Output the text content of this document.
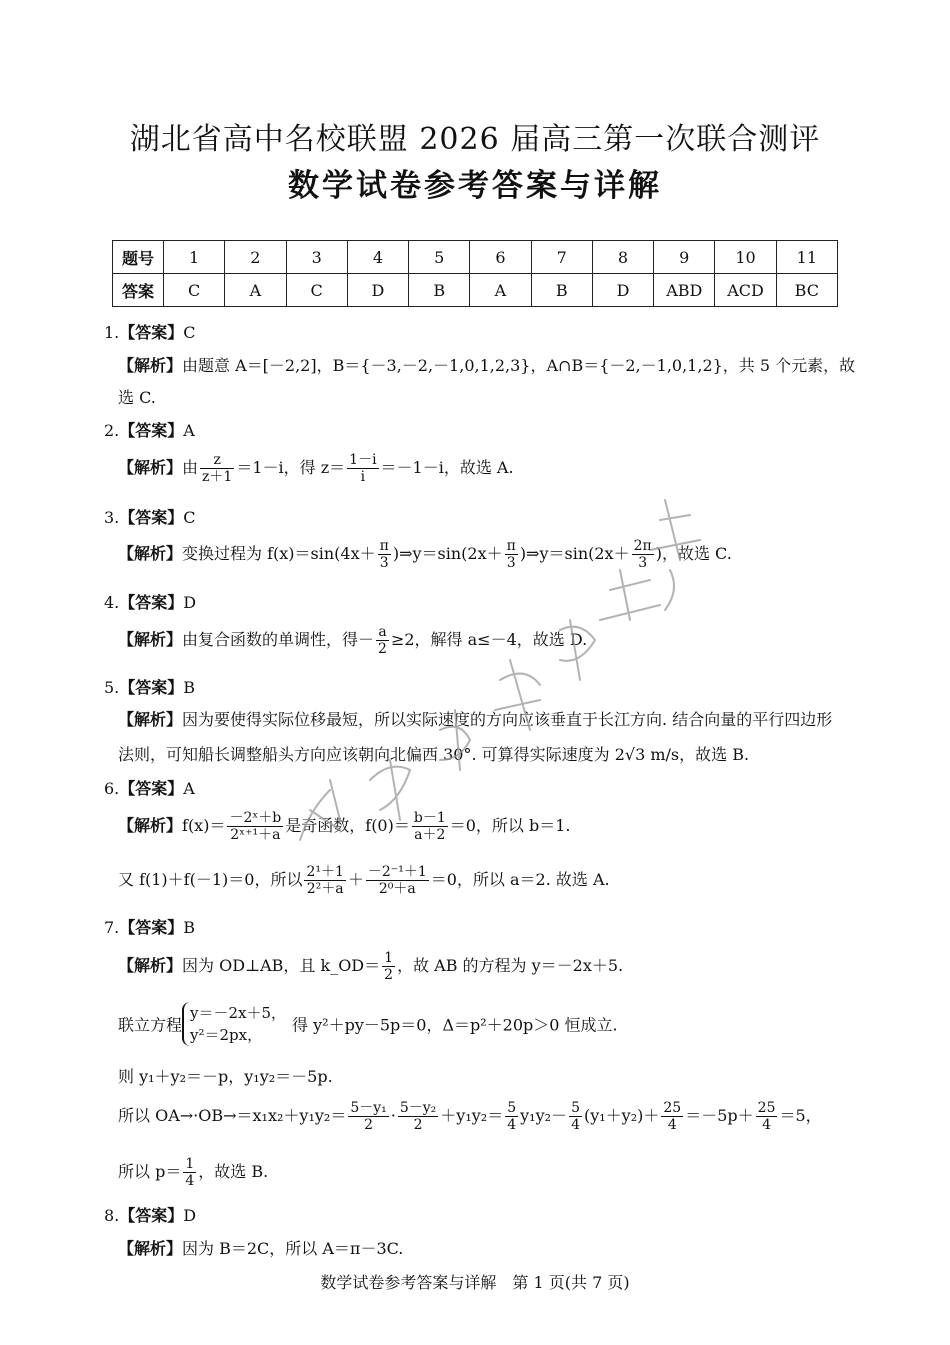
湖北省高中名校联盟 2026 届高三第一次联合测评
数学试卷参考答案与详解
题号	1	2	3	4	5	6	7	8	9	10	11
答案	C	A	C	D	B	A	B	D	ABD	ACD	BC
1.【答案】C
【解析】由题意 A＝[－2,2]，B＝{－3,－2,－1,0,1,2,3}，A∩B＝{－2,－1,0,1,2}，共 5 个元素，故
选 C.
2.【答案】A
【解析】由 $\frac{z}{z+1} =1-i$，得 $z= \frac{1-i}{i} =-1-i$，故选 A.
3.【答案】C
【解析】变换过程为 $f(x)=\sin(4x+ \frac{\pi}{3}$ )⇒y＝sin(2x＋ $\frac{\pi}{3}$ )⇒y＝sin(2x＋ $\frac{2\pi}{3}$ )，故选 C.
4.【答案】D
【解析】由复合函数的单调性，得－ $\frac{a}{2} \ge 2$，解得 a≤－4，故选 D.
5.【答案】B
【解析】因为要使得实际位移最短，所以实际速度的方向应该垂直于长江方向. 结合向量的平行四边形
法则，可知船长调整船头方向应该朝向北偏西 30°. 可算得实际速度为 2√3 m/s，故选 B.
6.【答案】A
【解析】$f(x)= \frac{\text{－2ˣ＋b}}{\text{2ˣ⁺¹＋a}}$ 是奇函数，$f(0)= \frac{b-1}{a+2} =0$，所以 b＝1.
又 f(1)＋f(－1)＝0，所以 $\frac{\text{2¹＋1}}{\text{2²＋a}} + \frac{\text{－2⁻¹＋1}}{\text{2⁰＋a}} =0$，所以 a＝2. 故选 A.
7.【答案】B
【解析】因为 OD⊥AB，且 k_OD＝ $\frac{1}{2}$ ，故 AB 的方程为 y＝－2x＋5.
联立方程
y＝－2x＋5，
y²＝2px，
得 y²＋py－5p＝0，Δ＝p²＋20p＞0 恒成立.
则 y₁＋y₂＝－p，y₁y₂＝－5p.
所以 $OA\to\cdot OB\to=x_1x_2+y_1y_2= \frac{\text{5－y₁}}{2} \cdot \frac{\text{5－y₂}}{2} +y_1y_2= \frac{5}{4} y_1y_2- \frac{5}{4} (y_1+y_2)+ \frac{25}{4} =-5p+ \frac{25}{4} =5$，
所以 $p= \frac{1}{4}$ ，故选 B.
8.【答案】D
【解析】因为 B＝2C，所以 A＝π－3C.
数学试卷参考答案与详解　第 1 页(共 7 页)
